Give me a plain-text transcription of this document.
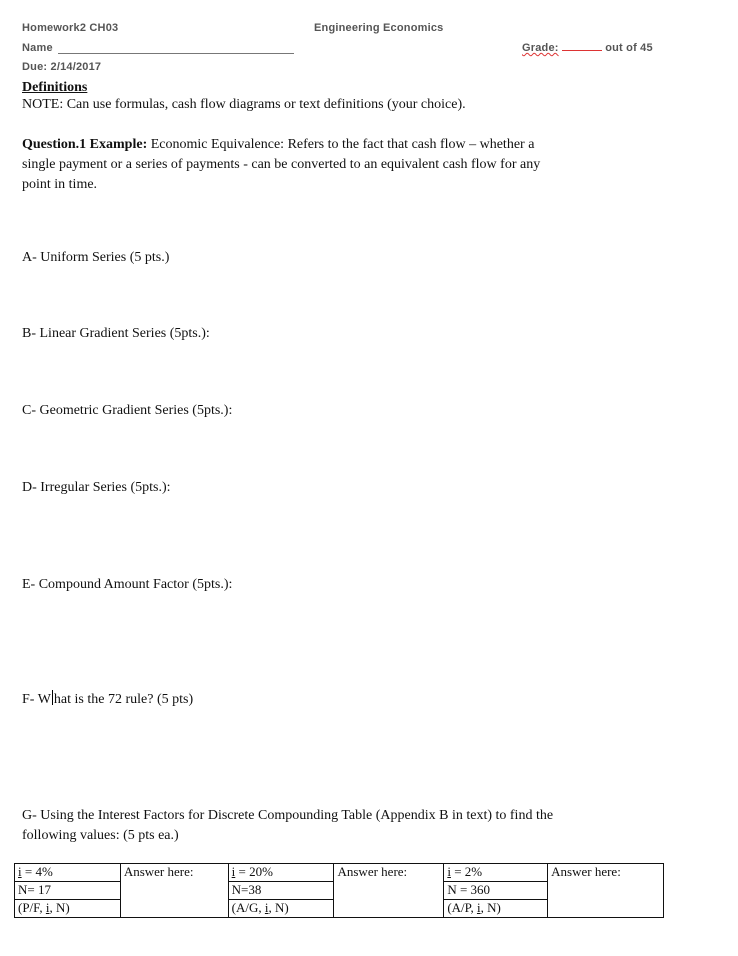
Homework2 CH03	Engineering Economics
Name	Grade:	out of 45
Due: 2/14/2017
Definitions
NOTE: Can use formulas, cash flow diagrams or text definitions (your choice).
Question.1 Example: Economic Equivalence: Refers to the fact that cash flow – whether a
single payment or a series of payments - can be converted to an equivalent cash flow for any
point in time.
A- Uniform Series (5 pts.)
B- Linear Gradient Series (5pts.):
C- Geometric Gradient Series (5pts.):
D- Irregular Series (5pts.):
E- Compound Amount Factor (5pts.):
F- W hat is the 72 rule? (5 pts)
G- Using the Interest Factors for Discrete Compounding Table (Appendix B in text) to find the
following values: (5 pts ea.)
i = 4%	Answer here:	i = 20%	Answer here:	i = 2%	Answer here:
N= 17		N=38		N = 360	
(P/F, i, N)		(A/G, i, N)		(A/P, i, N)	
